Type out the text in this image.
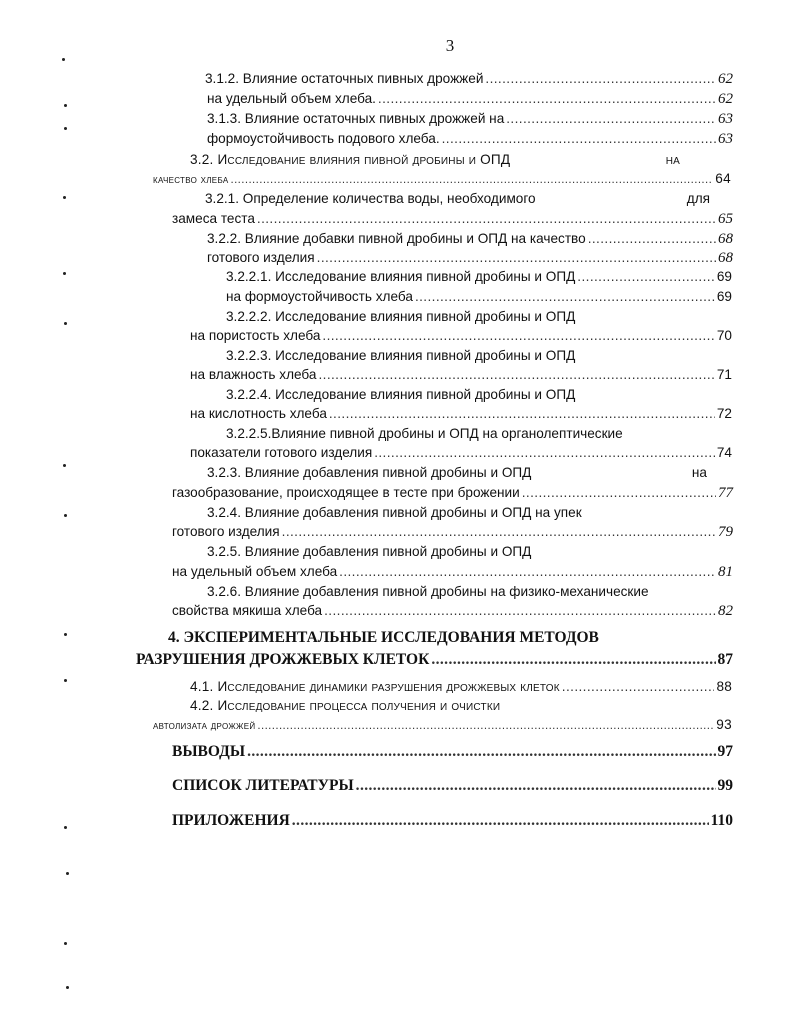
3
3.1.2. Влияние остаточных пивных дрожжей .....	62
на удельный объем хлеба. .....	62
3.1.3. Влияние остаточных пивных дрожжей на .....	63
формоустойчивость подового хлеба. .....	63
3.2. Исследование влияния пивной дробины и ОПД	на
качество хлеба .....	64
3.2.1. Определение количества воды, необходимого	для
замеса теста .....	65
3.2.2. Влияние добавки пивной дробины и ОПД на качество .....	68
готового изделия .....	68
3.2.2.1. Исследование влияния пивной дробины и ОПД .....	69
на формоустойчивость хлеба .....	69
3.2.2.2. Исследование влияния пивной дробины и ОПД
на пористость хлеба .....	70
3.2.2.3. Исследование влияния пивной дробины и ОПД
на влажность хлеба .....	71
3.2.2.4. Исследование влияния пивной дробины и ОПД
на кислотность хлеба .....	72
3.2.2.5.Влияние пивной дробины и ОПД на органолептические
показатели готового изделия .....	74
3.2.3. Влияние добавления пивной дробины и ОПД	на
газообразование, происходящее в тесте при брожении .....	77
3.2.4. Влияние добавления пивной дробины и ОПД на упек
готового изделия .....	79
3.2.5. Влияние добавления пивной дробины и ОПД
на удельный объем хлеба .....	81
3.2.6. Влияние добавления пивной дробины на физико-механические
свойства мякиша хлеба .....	82
4. ЭКСПЕРИМЕНТАЛЬНЫЕ ИССЛЕДОВАНИЯ МЕТОДОВ
РАЗРУШЕНИЯ ДРОЖЖЕВЫХ КЛЕТОК .....	87
4.1. Исследование динамики разрушения дрожжевых клеток .....	88
4.2. Исследование процесса получения и очистки
автолизата дрожжей .....	93
ВЫВОДЫ .....	97
СПИСОК ЛИТЕРАТУРЫ .....	99
ПРИЛОЖЕНИЯ .....	110
